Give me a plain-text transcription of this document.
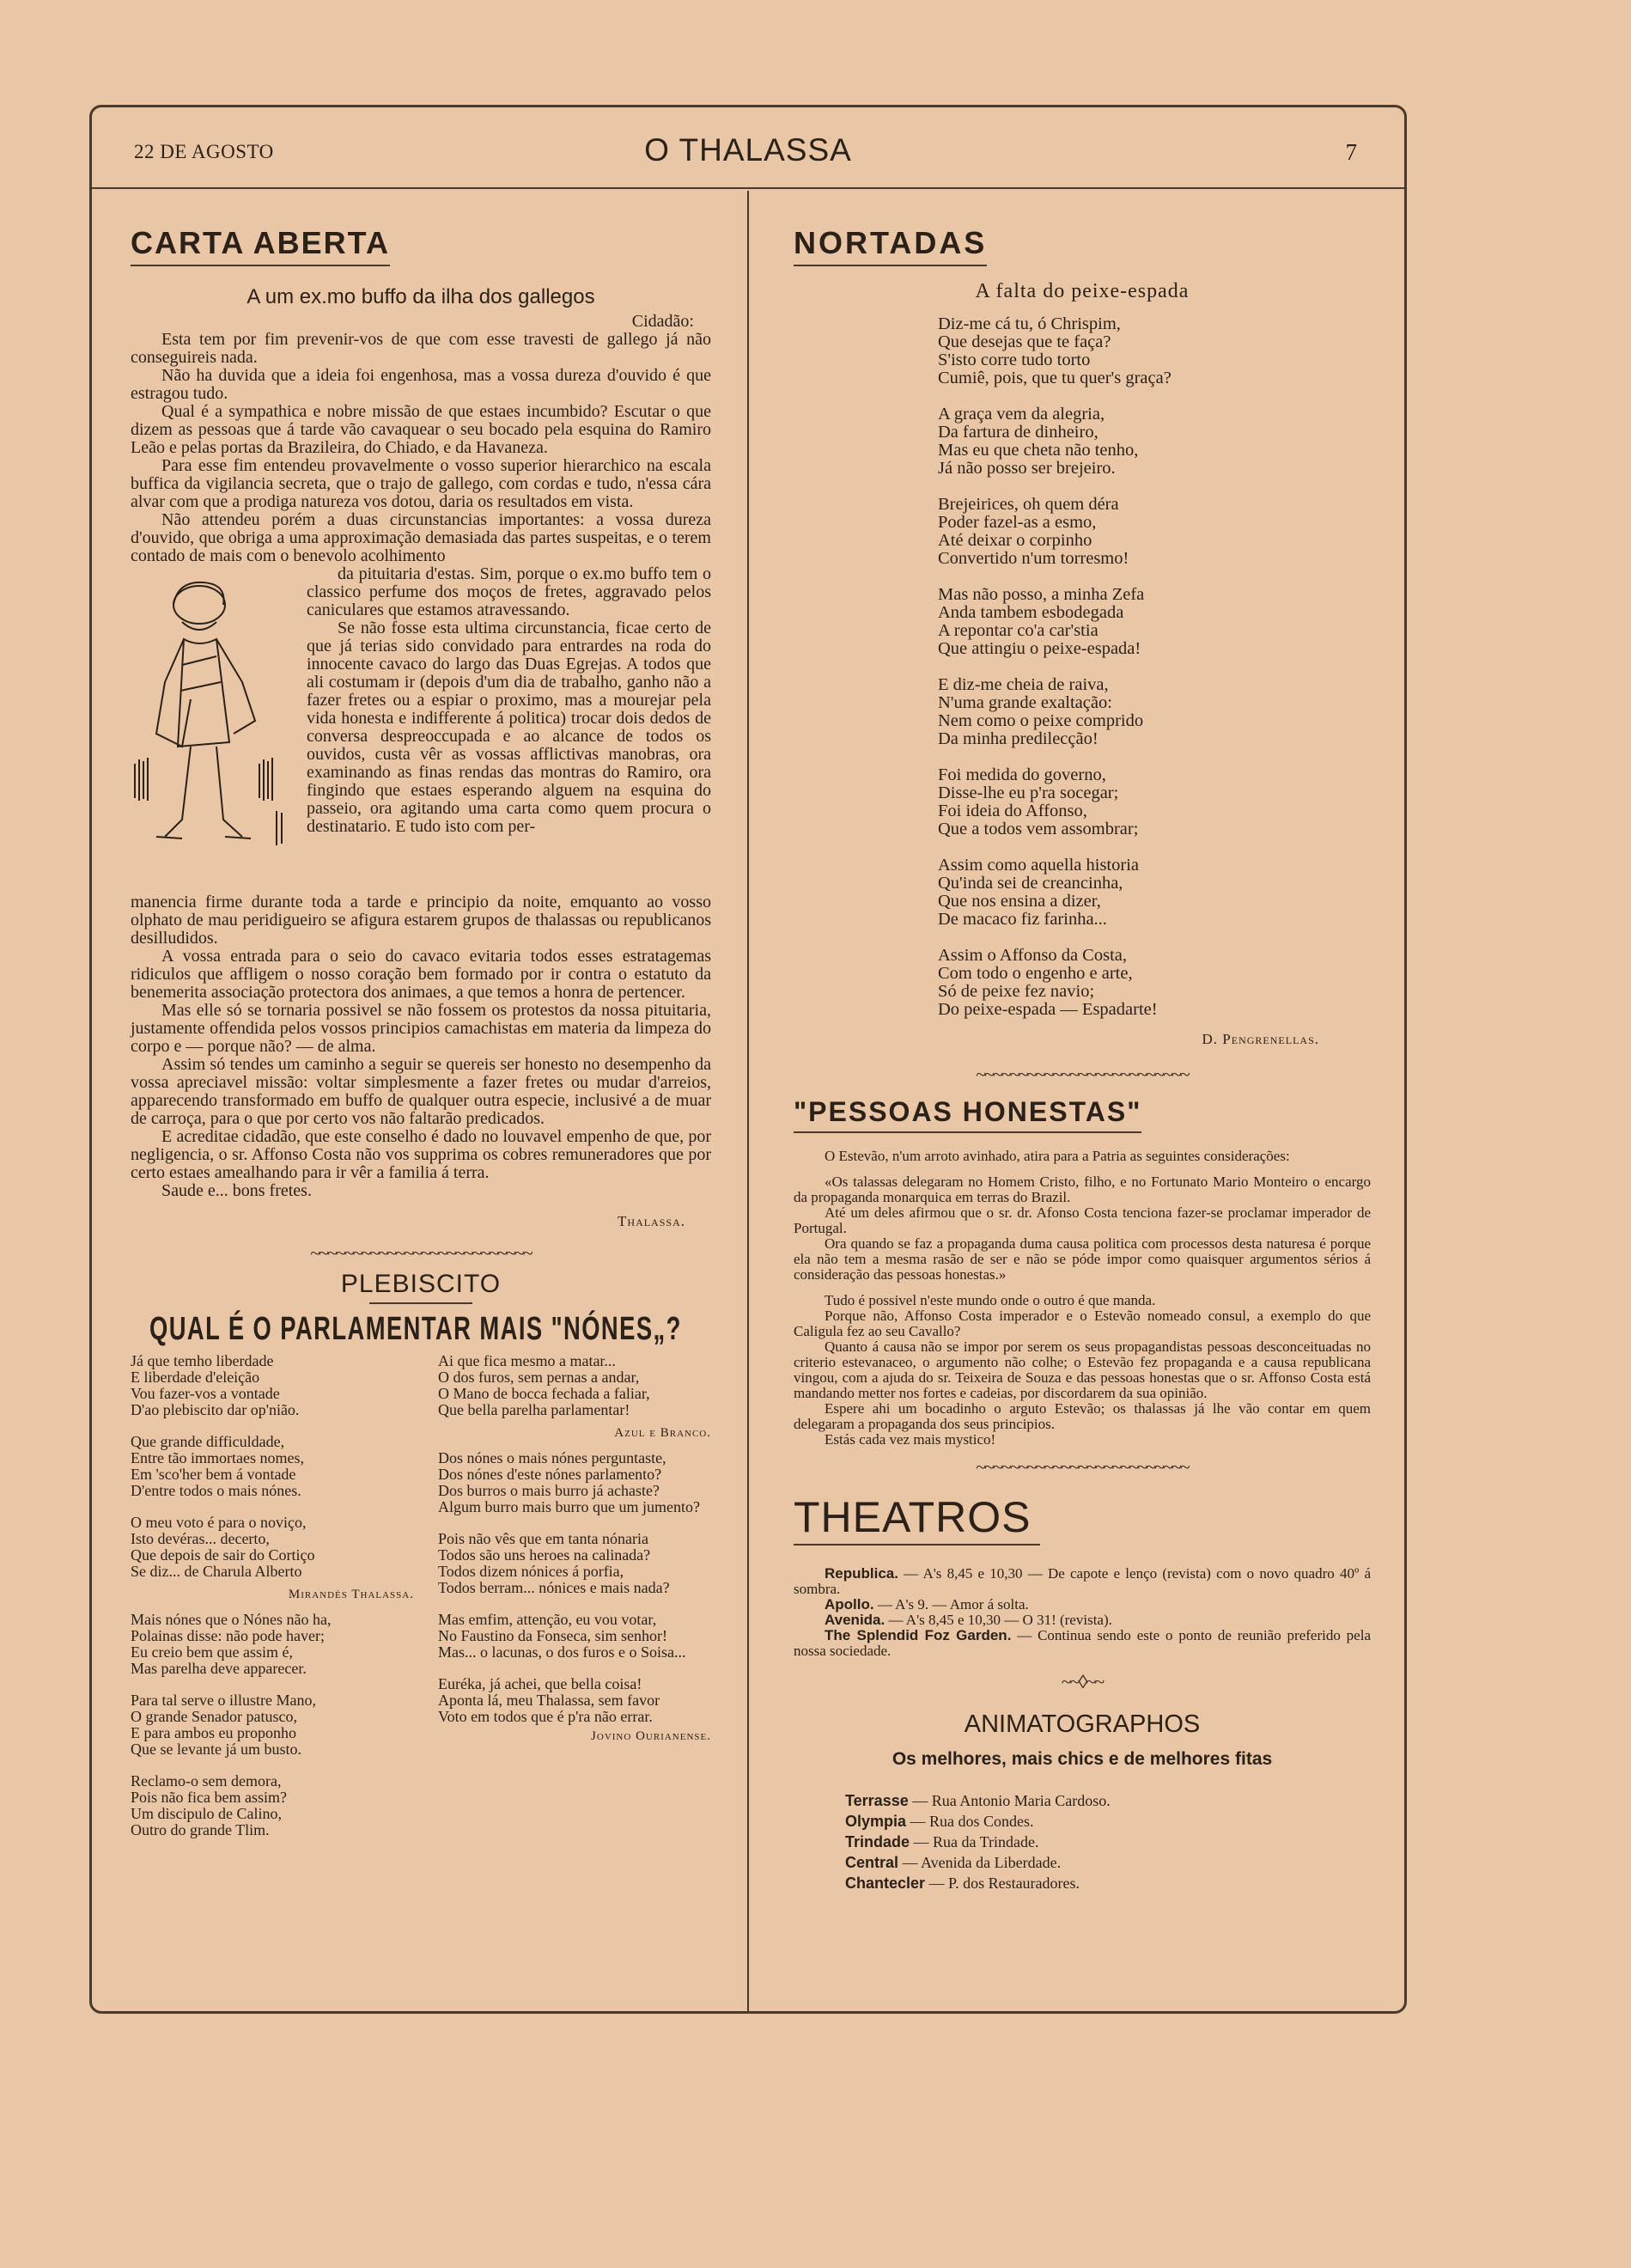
22 DE AGOSTO	O THALASSA	7
CARTA ABERTA
A um ex.mo buffo da ilha dos gallegos

Cidadão:

Esta tem por fim prevenir-vos de que com esse travesti de gallego já não conseguireis nada.

Não ha duvida que a ideia foi engenhosa, mas a vossa dureza d'ouvido é que estragou tudo.

Qual é a sympathica e nobre missão de que estaes incumbido? Escutar o que dizem as pessoas que á tarde vão cavaquear o seu bocado pela esquina do Ramiro Leão e pelas portas da Brazileira, do Chiado, e da Havaneza.

Para esse fim entendeu provavelmente o vosso superior hierarchico na escala buffica da vigilancia secreta, que o trajo de gallego, com cordas e tudo, n'essa cára alvar com que a prodiga natureza vos dotou, daria os resultados em vista.

Não attendeu porém a duas circunstancias importantes: a vossa dureza d'ouvido, que obriga a uma approximação demasiada das partes suspeitas, e o terem contado de mais com o benevolo acolhimento

da pituitaria d'estas. Sim, porque o ex.mo buffo tem o classico perfume dos moços de fretes, aggravado pelos caniculares que estamos atravessando.

Se não fosse esta ultima circunstancia, ficae certo de que já terias sido convidado para entrardes na roda do innocente cavaco do largo das Duas Egrejas. A todos que ali costumam ir (depois d'um dia de trabalho, ganho não a fazer fretes ou a espiar o proximo, mas a mourejar pela vida honesta e indifferente á politica) trocar dois dedos de conversa despreoccupada e ao alcance de todos os ouvidos, custa vêr as vossas afflictivas manobras, ora examinando as finas rendas das montras do Ramiro, ora fingindo que estaes esperando alguem na esquina do passeio, ora agitando uma carta como quem procura o destinatario. E tudo isto com per-

manencia firme durante toda a tarde e principio da noite, emquanto ao vosso olphato de mau peridigueiro se afigura estarem grupos de thalassas ou republicanos desilludidos.

A vossa entrada para o seio do cavaco evitaria todos esses estratagemas ridiculos que affligem o nosso coração bem formado por ir contra o estatuto da benemerita associação protectora dos animaes, a que temos a honra de pertencer.

Mas elle só se tornaria possivel se não fossem os protestos da nossa pituitaria, justamente offendida pelos vossos principios camachistas em materia da limpeza do corpo e — porque não? — de alma.

Assim só tendes um caminho a seguir se quereis ser honesto no desempenho da vossa apreciavel missão: voltar simplesmente a fazer fretes ou mudar d'arreios, apparecendo transformado em buffo de qualquer outra especie, inclusivé a de muar de carroça, para o que por certo vos não faltarão predicados.

E acreditae cidadão, que este conselho é dado no louvavel empenho de que, por negligencia, o sr. Affonso Costa não vos supprima os cobres remuneradores que por certo estaes amealhando para ir vêr a familia á terra.

Saude e... bons fretes.

Thalassa.

~~~~~~~~~~~~~~~~~~~~~~~~~~
PLEBISCITO
QUAL É O PARLAMENTAR MAIS "NÓNES„?
Já que temho liberdade
E liberdade d'eleição
Vou fazer-vos a vontade
D'ao plebiscito dar op'nião.
Que grande difficuldade,
Entre tão immortaes nomes,
Em 'sco'her bem á vontade
D'entre todos o mais nónes.
O meu voto é para o noviço,
Isto devéras... decerto,
Que depois de sair do Cortiço
Se diz... de Charula Alberto

Mirandés Thalassa.

Mais nónes que o Nónes não ha,
Polainas disse: não pode haver;
Eu creio bem que assim é,
Mas parelha deve apparecer.
Para tal serve o illustre Mano,
O grande Senador patusco,
E para ambos eu proponho
Que se levante já um busto.
Reclamo-o sem demora,
Pois não fica bem assim?
Um discipulo de Calino,
Outro do grande Tlim.
Ai que fica mesmo a matar...
O dos furos, sem pernas a andar,
O Mano de bocca fechada a faliar,
Que bella parelha parlamentar!

Azul e Branco.

Dos nónes o mais nónes perguntaste,
Dos nónes d'este nónes parlamento?
Dos burros o mais burro já achaste?
Algum burro mais burro que um jumento?
Pois não vês que em tanta nónaria
Todos são uns heroes na calinada?
Todos dizem nónices á porfia,
Todos berram... nónices e mais nada?
Mas emfim, attenção, eu vou votar,
No Faustino da Fonseca, sim senhor!
Mas... o lacunas, o dos furos e o Soisa...
Euréka, já achei, que bella coisa!
Aponta lá, meu Thalassa, sem favor
Voto em todos que é p'ra não errar.

Jovino Ourianense.

NORTADAS
A falta do peixe-espada
Diz-me cá tu, ó Chrispim,
Que desejas que te faça?
S'isto corre tudo torto
Cumiê, pois, que tu quer's graça?
A graça vem da alegria,
Da fartura de dinheiro,
Mas eu que cheta não tenho,
Já não posso ser brejeiro.
Brejeirices, oh quem déra
Poder fazel-as a esmo,
Até deixar o corpinho
Convertido n'um torresmo!
Mas não posso, a minha Zefa
Anda tambem esbodegada
A repontar co'a car'stia
Que attingiu o peixe-espada!
E diz-me cheia de raiva,
N'uma grande exaltação:
Nem como o peixe comprido
Da minha predilecção!
Foi medida do governo,
Disse-lhe eu p'ra socegar;
Foi ideia do Affonso,
Que a todos vem assombrar;
Assim como aquella historia
Qu'inda sei de creancinha,
Que nos ensina a dizer,
De macaco fiz farinha...
Assim o Affonso da Costa,
Com todo o engenho e arte,
Só de peixe fez navio;
Do peixe-espada — Espadarte!

D. Pengrenellas.

~~~~~~~~~~~~~~~~~~~~~~~~~
"PESSOAS HONESTAS"

O Estevão, n'um arroto avinhado, atira para a Patria as seguintes considerações:

«Os talassas delegaram no Homem Cristo, filho, e no Fortunato Mario Monteiro o encargo da propaganda monarquica em terras do Brazil.

Até um deles afirmou que o sr. dr. Afonso Costa tenciona fazer-se proclamar imperador de Portugal.

Ora quando se faz a propaganda duma causa politica com processos desta naturesa é porque ela não tem a mesma rasão de ser e não se póde impor como quaisquer argumentos sérios á consideração das pessoas honestas.»

Tudo é possivel n'este mundo onde o outro é que manda.

Porque não, Affonso Costa imperador e o Estevão nomeado consul, a exemplo do que Caligula fez ao seu Cavallo?

Quanto á causa não se impor por serem os seus propagandistas pessoas desconceituadas no criterio estevanaceo, o argumento não colhe; o Estevão fez propaganda e a causa republicana vingou, com a ajuda do sr. Teixeira de Souza e das pessoas honestas que o sr. Affonso Costa está mandando metter nos fortes e cadeias, por discordarem da sua opinião.

Espere ahi um bocadinho o arguto Estevão; os thalassas já lhe vão contar em quem delegaram a propaganda dos seus principios.

Estás cada vez mais mystico!

~~~~~~~~~~~~~~~~~~~~~~~~~
THEATROS

Republica. — A's 8,45 e 10,30 — De capote e lenço (revista) com o novo quadro 40º á sombra.

Apollo. — A's 9. — Amor á solta.

Avenida. — A's 8,45 e 10,30 — O 31! (revista).

The Splendid Foz Garden. — Continua sendo este o ponto de reunião preferido pela nossa sociedade.

~~◊~~
ANIMATOGRAPHOS
Os melhores, mais chics e de melhores fitas

Terrasse — Rua Antonio Maria Cardoso.

Olympia — Rua dos Condes.

Trindade — Rua da Trindade.

Central — Avenida da Liberdade.

Chantecler — P. dos Restauradores.
